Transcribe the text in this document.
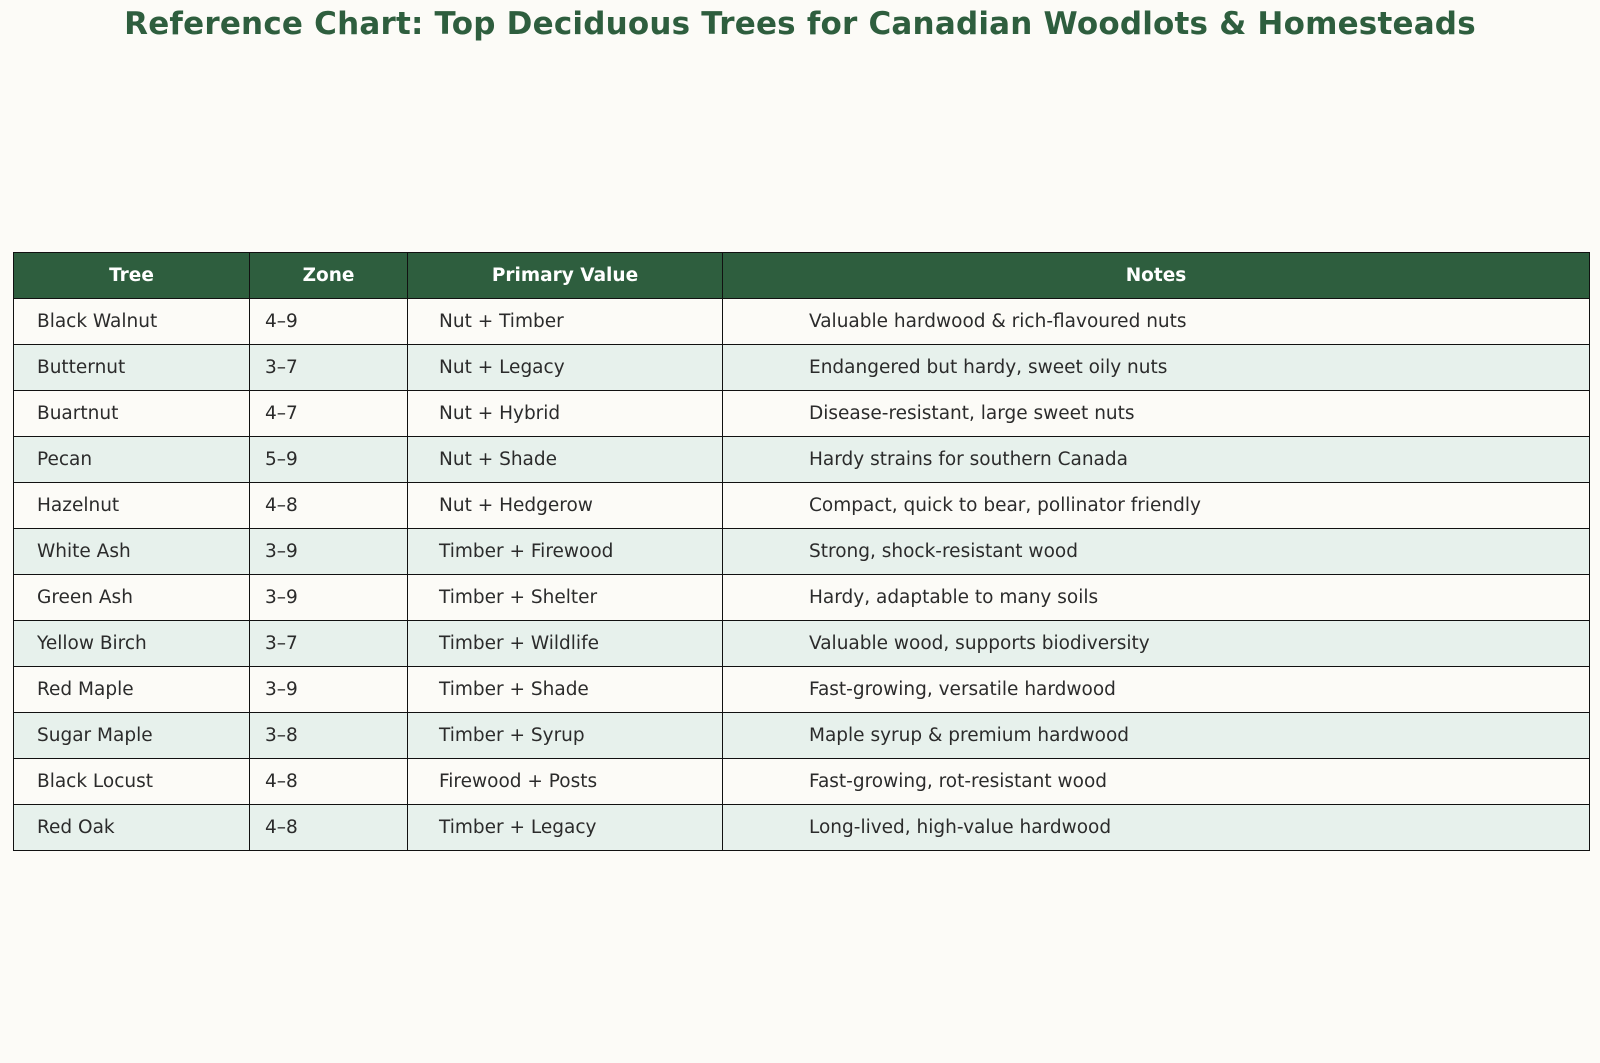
Reference Chart: Top Deciduous Trees for Canadian Woodlots & Homesteads
Tree	Zone	Primary Value	Notes
Black Walnut	4–9	Nut + Timber	Valuable hardwood & rich-flavoured nuts
Butternut	3–7	Nut + Legacy	Endangered but hardy, sweet oily nuts
Buartnut	4–7	Nut + Hybrid	Disease-resistant, large sweet nuts
Pecan	5–9	Nut + Shade	Hardy strains for southern Canada
Hazelnut	4–8	Nut + Hedgerow	Compact, quick to bear, pollinator friendly
White Ash	3–9	Timber + Firewood	Strong, shock-resistant wood
Green Ash	3–9	Timber + Shelter	Hardy, adaptable to many soils
Yellow Birch	3–7	Timber + Wildlife	Valuable wood, supports biodiversity
Red Maple	3–9	Timber + Shade	Fast-growing, versatile hardwood
Sugar Maple	3–8	Timber + Syrup	Maple syrup & premium hardwood
Black Locust	4–8	Firewood + Posts	Fast-growing, rot-resistant wood
Red Oak	4–8	Timber + Legacy	Long-lived, high-value hardwood
